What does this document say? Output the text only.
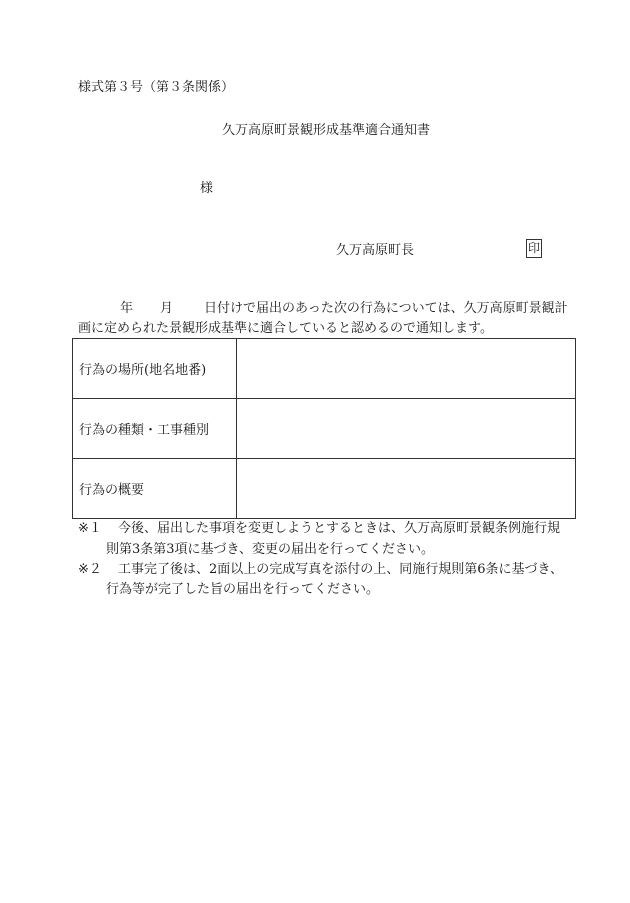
様式第３号（第３条関係）
久万高原町景観形成基準適合通知書
様
久万高原町長	印
年 月 日付けで届出のあった次の行為については、久万高原町景観計
画に定められた景観形成基準に適合していると認めるので通知します。
行為の場所(地名地番)	
行為の種類・工事種別	
行為の概要	
※１ 今後、届出した事項を変更しようとするときは、久万高原町景観条例施行規
則第3条第3項に基づき、変更の届出を行ってください。
※２ 工事完了後は、2面以上の完成写真を添付の上、同施行規則第6条に基づき、
行為等が完了した旨の届出を行ってください。
